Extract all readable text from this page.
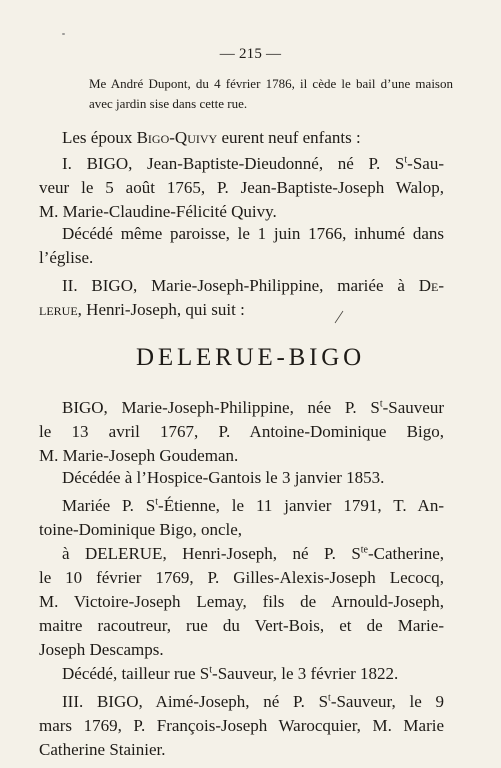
— 215 —
Me André Dupont, du 4 février 1786, il cède le bail d’une maison avec jardin sise dans cette rue.
Les époux Bigo-Quivy eurent neuf enfants :
I. BIGO, Jean-Baptiste-Dieudonné, né P. $S^t-Sau-$
veur le 5 août 1765, P. Jean-Baptiste-Joseph Walop,
M. Marie-Claudine-Félicité Quivy.
Décédé même paroisse, le 1 juin 1766, inhumé dans
l’église.
II. BIGO, Marie-Joseph-Philippine, mariée à De-
lerue, Henri-Joseph, qui suit :
DELERUE-BIGO
BIGO, Marie-Joseph-Philippine, née P. $S^t$-Sauveur
le 13 avril 1767, P. Antoine-Dominique Bigo,
M. Marie-Joseph Goudeman.
Décédée à l’Hospice-Gantois le 3 janvier 1853.
Mariée P. $S^t$-Étienne, le 11 janvier 1791, T. An-
toine-Dominique Bigo, oncle,
à DELERUE, Henri-Joseph, né P. $S^{te}$-Catherine,
le 10 février 1769, P. Gilles-Alexis-Joseph Lecocq,
M. Victoire-Joseph Lemay, fils de Arnould-Joseph,
maitre racoutreur, rue du Vert-Bois, et de Marie-
Joseph Descamps.
Décédé, tailleur rue $S^t$-Sauveur, le 3 février 1822.
III. BIGO, Aimé-Joseph, né P. $S^t$-Sauveur, le 9
mars 1769, P. François-Joseph Warocquier, M. Marie
Catherine Stainier.
